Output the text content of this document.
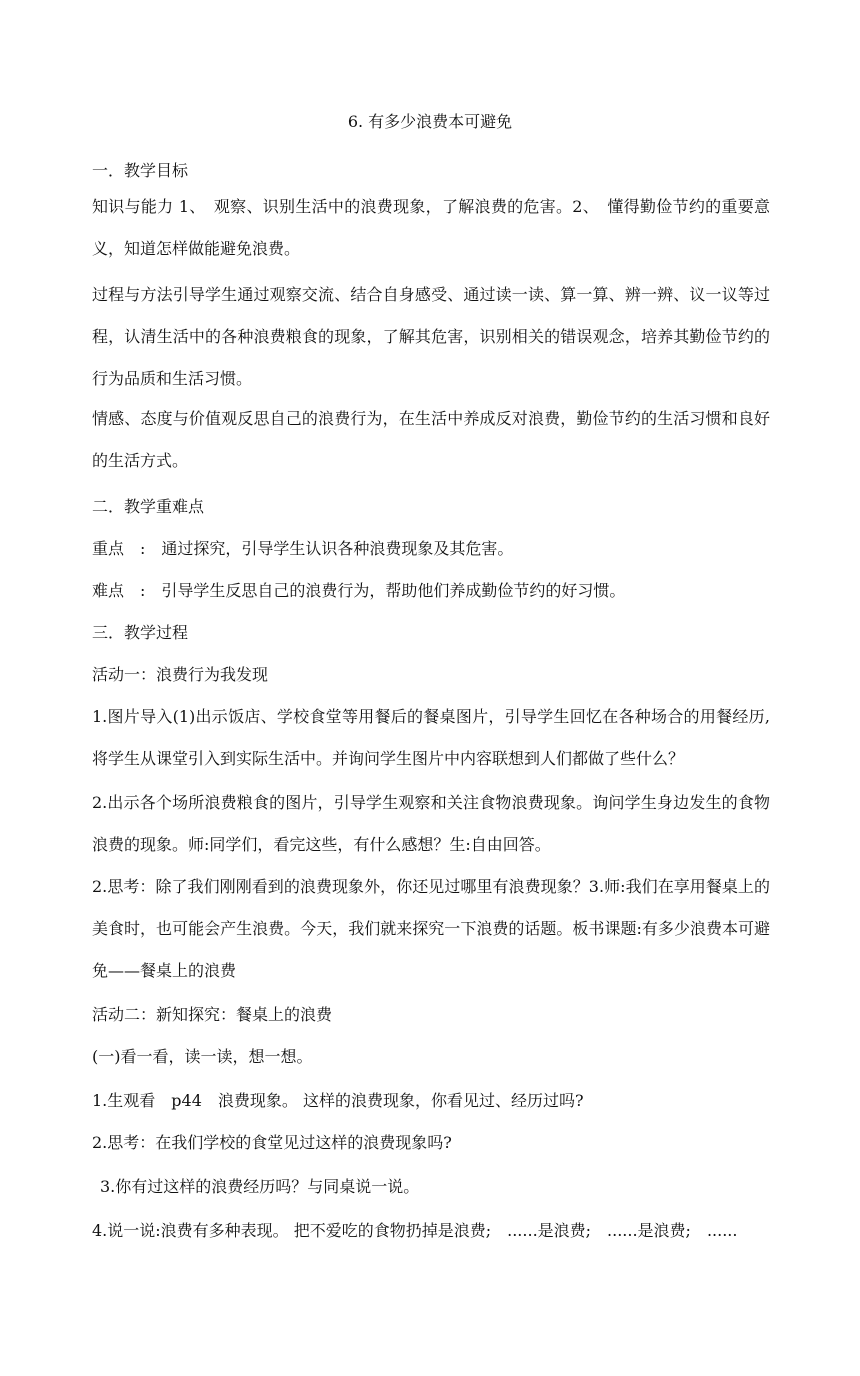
6. 有多少浪费本可避免
一．教学目标
知识与能力 1、　观察、识别生活中的浪费现象，了解浪费的危害。2、　懂得勤俭节约的重要意义，知道怎样做能避免浪费。
过程与方法引导学生通过观察交流、结合自身感受、通过读一读、算一算、辨一辨、议一议等过程，认清生活中的各种浪费粮食的现象，了解其危害，识别相关的错误观念，培养其勤俭节约的行为品质和生活习惯。
情感、态度与价值观反思自己的浪费行为，在生活中养成反对浪费，勤俭节约的生活习惯和良好的生活方式。
二．教学重难点
重点　:　通过探究，引导学生认识各种浪费现象及其危害。
难点　:　引导学生反思自己的浪费行为，帮助他们养成勤俭节约的好习惯。
三．教学过程
活动一：浪费行为我发现
1.图片导入(1)出示饭店、学校食堂等用餐后的餐桌图片，引导学生回忆在各种场合的用餐经历,将学生从课堂引入到实际生活中。并询问学生图片中内容联想到人们都做了些什么？
2.出示各个场所浪费粮食的图片，引导学生观察和关注食物浪费现象。询问学生身边发生的食物浪费的现象。师:同学们，看完这些，有什么感想？生:自由回答。
2.思考：除了我们刚刚看到的浪费现象外，你还见过哪里有浪费现象？3.师:我们在享用餐桌上的美食时，也可能会产生浪费。今天，我们就来探究一下浪费的话题。板书课题:有多少浪费本可避免——餐桌上的浪费
活动二：新知探究：餐桌上的浪费
(一)看一看，读一读，想一想。
1.生观看　p44　浪费现象。 这样的浪费现象，你看见过、经历过吗?
2.思考：在我们学校的食堂见过这样的浪费现象吗?
3.你有过这样的浪费经历吗？与同桌说一说。
4.说一说:浪费有多种表现。 把不爱吃的食物扔掉是浪费;　......是浪费;　......是浪费;　......
